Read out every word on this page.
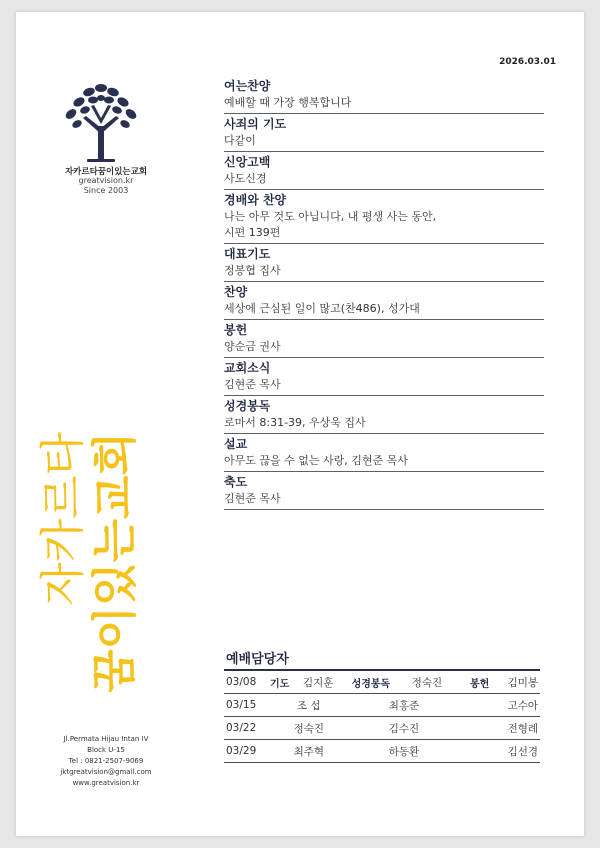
2026.03.01
자카르타꿈이있는교회
greatvision.kr
Since 2003
자카르타 꿈이있는교회
Jl.Permata Hijau Intan IV
Block U-15
Tel : 0821-2507-9069
jktgreatvision@gmail.com
www.greatvision.kr
여는찬양
예배할 때 가장 행복합니다
사죄의 기도
다같이
신앙고백
사도신경
경배와 찬양
나는 아무 것도 아닙니다, 내 평생 사는 동안,
시편 139편
대표기도
정봉협 집사
찬양
세상에 근심된 일이 많고(찬486), 성가대
봉헌
양순금 권사
교회소식
김현준 목사
성경봉독
로마서 8:31-39, 우상욱 집사
설교
아무도 끊을 수 없는 사랑, 김현준 목사
축도
김현준 목사
예배담당자
03/08	기도	김지훈	성경봉독	정숙진	봉헌	김미봉
03/15	조 섭		최홍준		고수아	
03/22	정숙진		김수진		전형례	
03/29	최주혁		하동환		김선경	
